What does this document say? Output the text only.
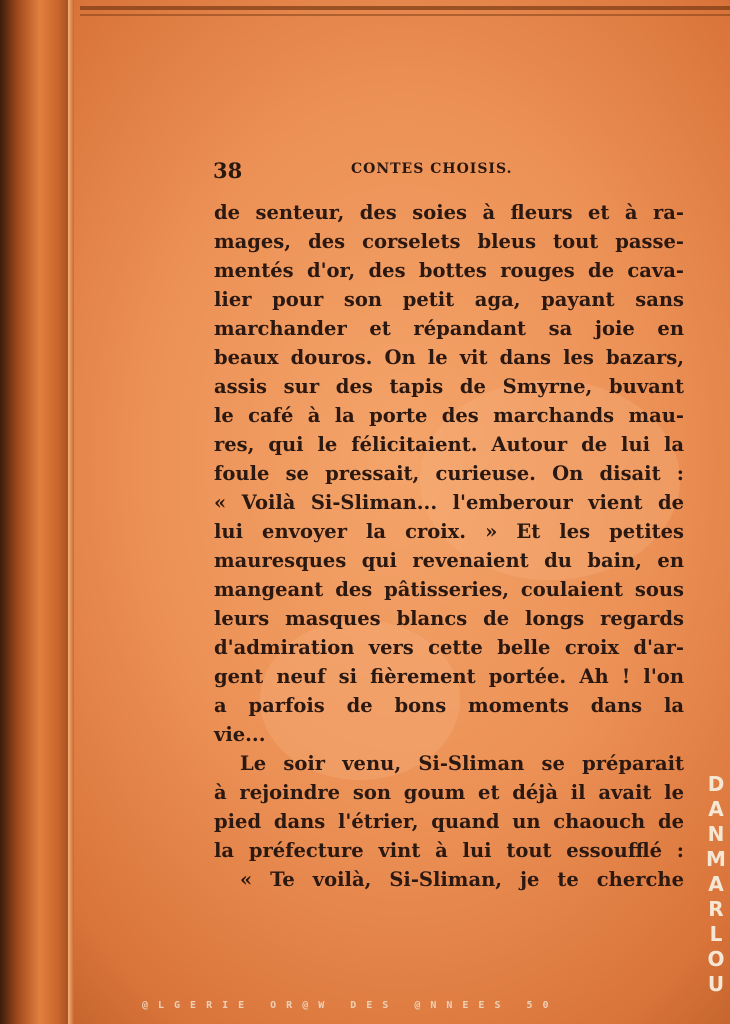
38	CONTES CHOISIS.
de senteur, des soies à fleurs et à ra-
mages, des corselets bleus tout passe-
mentés d'or, des bottes rouges de cava-
lier pour son petit aga, payant sans
marchander et répandant sa joie en
beaux douros. On le vit dans les bazars,
assis sur des tapis de Smyrne, buvant
le café à la porte des marchands mau-
res, qui le félicitaient. Autour de lui la
foule se pressait, curieuse. On disait :
« Voilà Si-Sliman... l'emberour vient de
lui envoyer la croix. » Et les petites
mauresques qui revenaient du bain, en
mangeant des pâtisseries, coulaient sous
leurs masques blancs de longs regards
d'admiration vers cette belle croix d'ar-
gent neuf si fièrement portée. Ah ! l'on
a parfois de bons moments dans la
vie...
Le soir venu, Si-Sliman se préparait
à rejoindre son goum et déjà il avait le
pied dans l'étrier, quand un chaouch de
la préfecture vint à lui tout essoufflé :
« Te voilà, Si-Sliman, je te cherche
D
A
N
M
A
R
L
O
U
@LGERIE OR@W DES @NNEES 50
